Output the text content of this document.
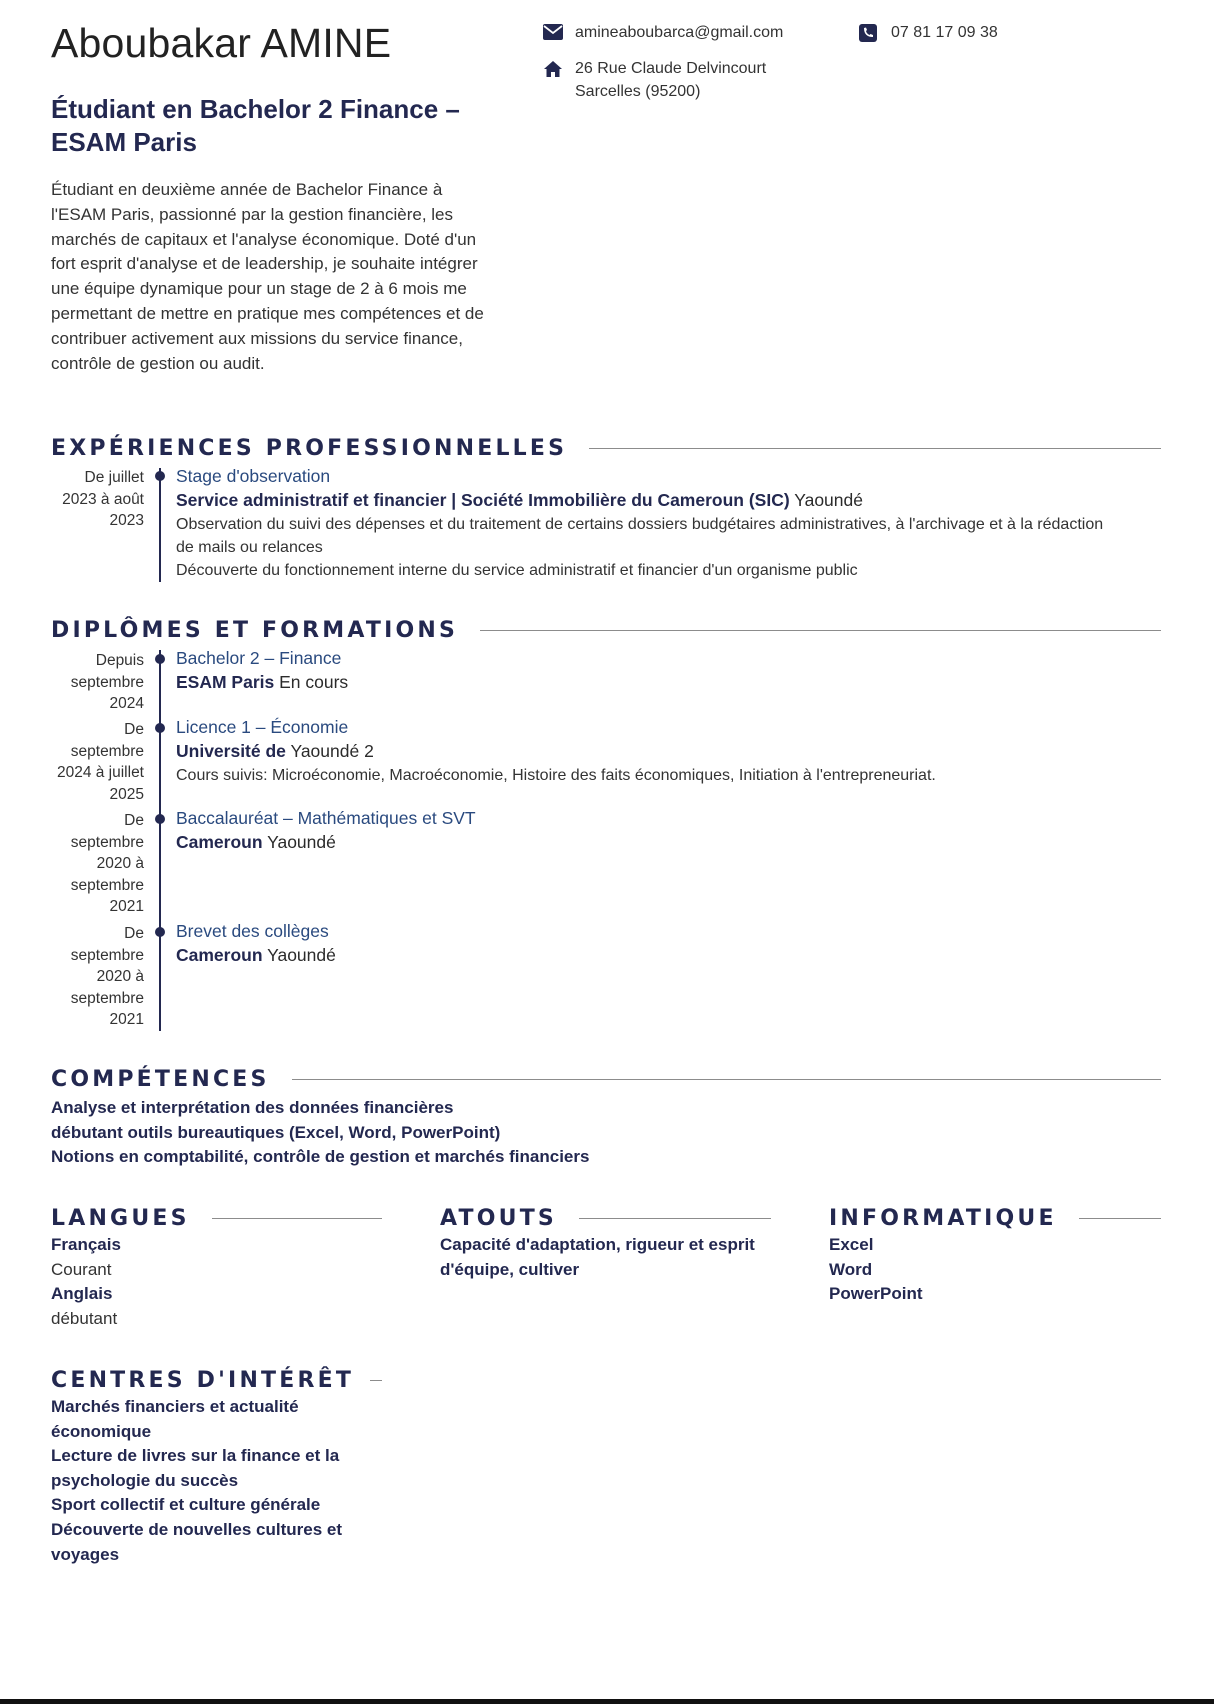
Aboubakar AMINE
Étudiant en Bachelor 2 Finance – ESAM Paris

Étudiant en deuxième année de Bachelor Finance à l'ESAM Paris, passionné par la gestion financière, les marchés de capitaux et l'analyse économique. Doté d'un fort esprit d'analyse et de leadership, je souhaite intégrer une équipe dynamique pour un stage de 2 à 6 mois me permettant de mettre en pratique mes compétences et de contribuer activement aux missions du service finance, contrôle de gestion ou audit.

amineaboubarca@gmail.com	07 81 17 09 38
26 Rue Claude Delvincourt
Sarcelles (95200)
EXPÉRIENCES PROFESSIONNELLES
De juillet 2023 à août 2023
Stage d'observation
Service administratif et financier | Société Immobilière du Cameroun (SIC) Yaoundé
Observation du suivi des dépenses et du traitement de certains dossiers budgétaires administratives, à l'archivage et à la rédaction de mails ou relances
Découverte du fonctionnement interne du service administratif et financier d'un organisme public
DIPLÔMES ET FORMATIONS
Depuis septembre 2024
Bachelor 2 – Finance
ESAM Paris En cours
De septembre 2024 à juillet 2025
Licence 1 – Économie
Université de Yaoundé 2
Cours suivis: Microéconomie, Macroéconomie, Histoire des faits économiques, Initiation à l'entrepreneuriat.
De septembre 2020 à septembre 2021
Baccalauréat – Mathématiques et SVT
Cameroun Yaoundé
De septembre 2020 à septembre 2021
Brevet des collèges
Cameroun Yaoundé
COMPÉTENCES
Analyse et interprétation des données financières
débutant outils bureautiques (Excel, Word, PowerPoint)
Notions en comptabilité, contrôle de gestion et marchés financiers
LANGUES
Français
Courant
Anglais
débutant
ATOUTS
Capacité d'adaptation, rigueur et esprit d'équipe, cultiver
INFORMATIQUE
Excel
Word
PowerPoint
CENTRES D'INTÉRÊT
Marchés financiers et actualité économique
Lecture de livres sur la finance et la psychologie du succès
Sport collectif et culture générale
Découverte de nouvelles cultures et voyages
